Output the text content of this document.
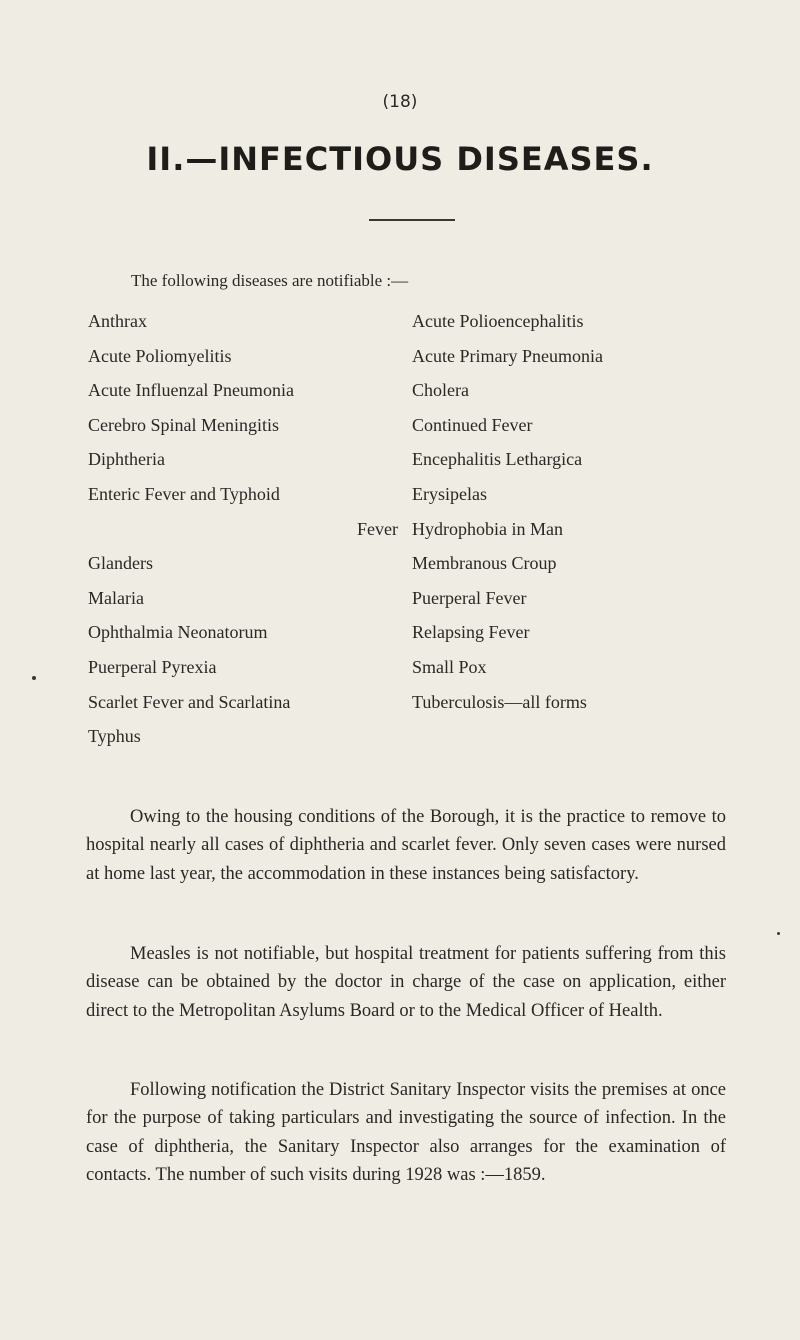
(18)
II.—INFECTIOUS DISEASES.
The following diseases are notifiable :—
Anthrax
Acute Poliomyelitis
Acute Influenzal Pneumonia
Cerebro Spinal Meningitis
Diphtheria
Enteric Fever and Typhoid
Fever
Glanders
Malaria
Ophthalmia Neonatorum
Puerperal Pyrexia
Scarlet Fever and Scarlatina
Typhus
Acute Polioencephalitis
Acute Primary Pneumonia
Cholera
Continued Fever
Encephalitis Lethargica
Erysipelas
Hydrophobia in Man
Membranous Croup
Puerperal Fever
Relapsing Fever
Small Pox
Tuberculosis—all forms

Owing to the housing conditions of the Borough, it is the practice to remove to hospital nearly all cases of diphtheria and scarlet fever. Only seven cases were nursed at home last year, the accommodation in these instances being satisfactory.

Measles is not notifiable, but hospital treatment for patients suffering from this disease can be obtained by the doctor in charge of the case on application, either direct to the Metropolitan Asylums Board or to the Medical Officer of Health.

Following notification the District Sanitary Inspector visits the premises at once for the purpose of taking particulars and investigating the source of infection. In the case of diphtheria, the Sanitary Inspector also arranges for the examination of contacts. The number of such visits during 1928 was :—1859.
